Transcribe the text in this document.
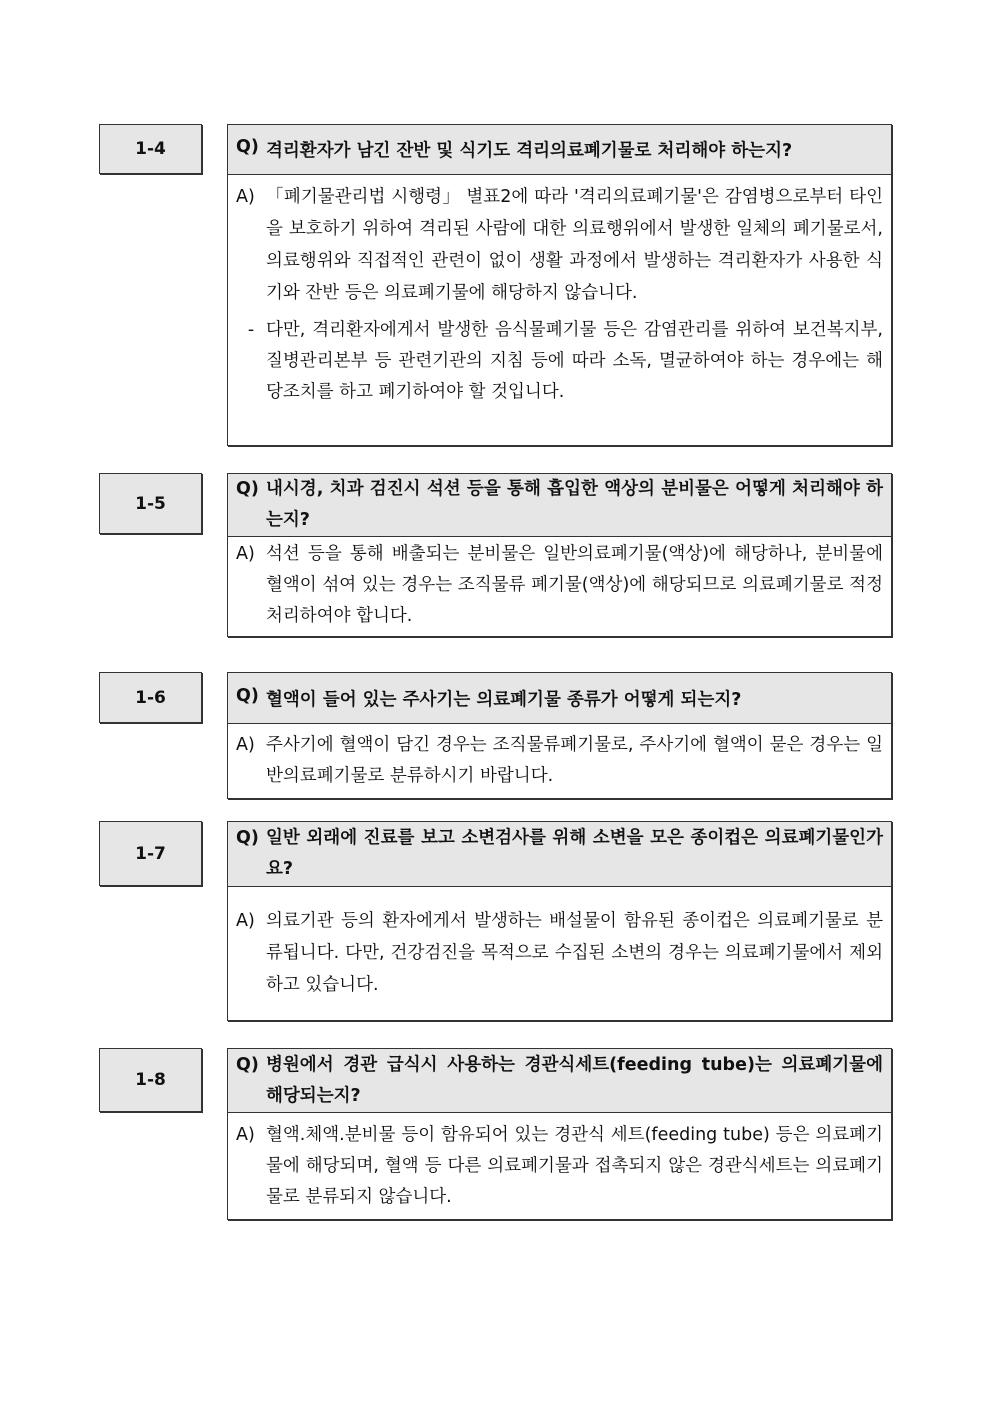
1-4	Q) 격리환자가 남긴 잔반 및 식기도 격리의료폐기물로 처리해야 하는지?
A) 「폐기물관리법 시행령」 별표2에 따라 '격리의료폐기물'은 감염병으로부터 타인을 보호하기 위하여 격리된 사람에 대한 의료행위에서 발생한 일체의 폐기물로서, 의료행위와 직접적인 관련이 없이 생활 과정에서 발생하는 격리환자가 사용한 식기와 잔반 등은 의료폐기물에 해당하지 않습니다.
- 다만, 격리환자에게서 발생한 음식물폐기물 등은 감염관리를 위하여 보건복지부, 질병관리본부 등 관련기관의 지침 등에 따라 소독, 멸균하여야 하는 경우에는 해당조치를 하고 폐기하여야 할 것입니다.
1-5
Q) 내시경, 치과 검진시 석션 등을 통해 흡입한 액상의 분비물은 어떻게 처리해야 하는지?
A) 석션 등을 통해 배출되는 분비물은 일반의료폐기물(액상)에 해당하나, 분비물에 혈액이 섞여 있는 경우는 조직물류 폐기물(액상)에 해당되므로 의료폐기물로 적정 처리하여야 합니다.
1-6	Q) 혈액이 들어 있는 주사기는 의료폐기물 종류가 어떻게 되는지?
A) 주사기에 혈액이 담긴 경우는 조직물류폐기물로, 주사기에 혈액이 묻은 경우는 일반의료폐기물로 분류하시기 바랍니다.
1-7
Q) 일반 외래에 진료를 보고 소변검사를 위해 소변을 모은 종이컵은 의료폐기물인가요?
A) 의료기관 등의 환자에게서 발생하는 배설물이 함유된 종이컵은 의료폐기물로 분류됩니다. 다만, 건강검진을 목적으로 수집된 소변의 경우는 의료폐기물에서 제외하고 있습니다.
1-8
Q) 병원에서 경관 급식시 사용하는 경관식세트(feeding tube)는 의료폐기물에 해당되는지?
A) 혈액.체액.분비물 등이 함유되어 있는 경관식 세트(feeding tube) 등은 의료폐기물에 해당되며, 혈액 등 다른 의료폐기물과 접촉되지 않은 경관식세트는 의료폐기물로 분류되지 않습니다.
